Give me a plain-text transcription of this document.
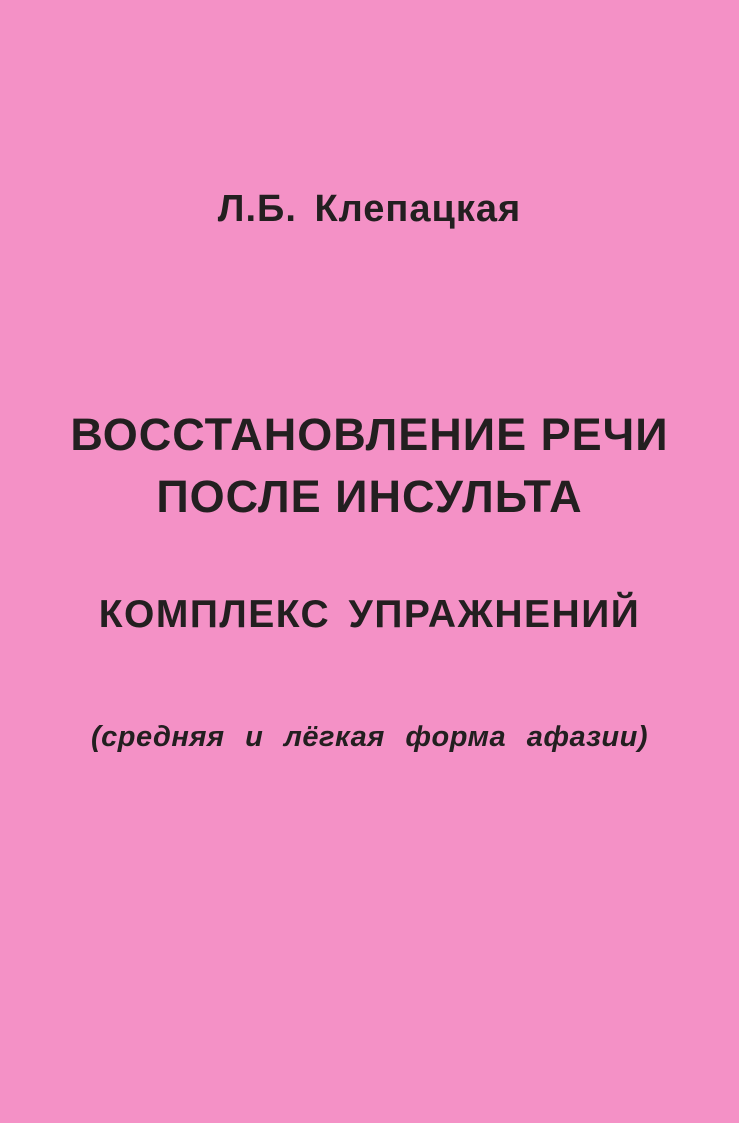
Л.Б. Клепацкая
ВОССТАНОВЛЕНИЕ РЕЧИ
ПОСЛЕ ИНСУЛЬТА
КОМПЛЕКС УПРАЖНЕНИЙ
(средняя и лёгкая форма афазии)
